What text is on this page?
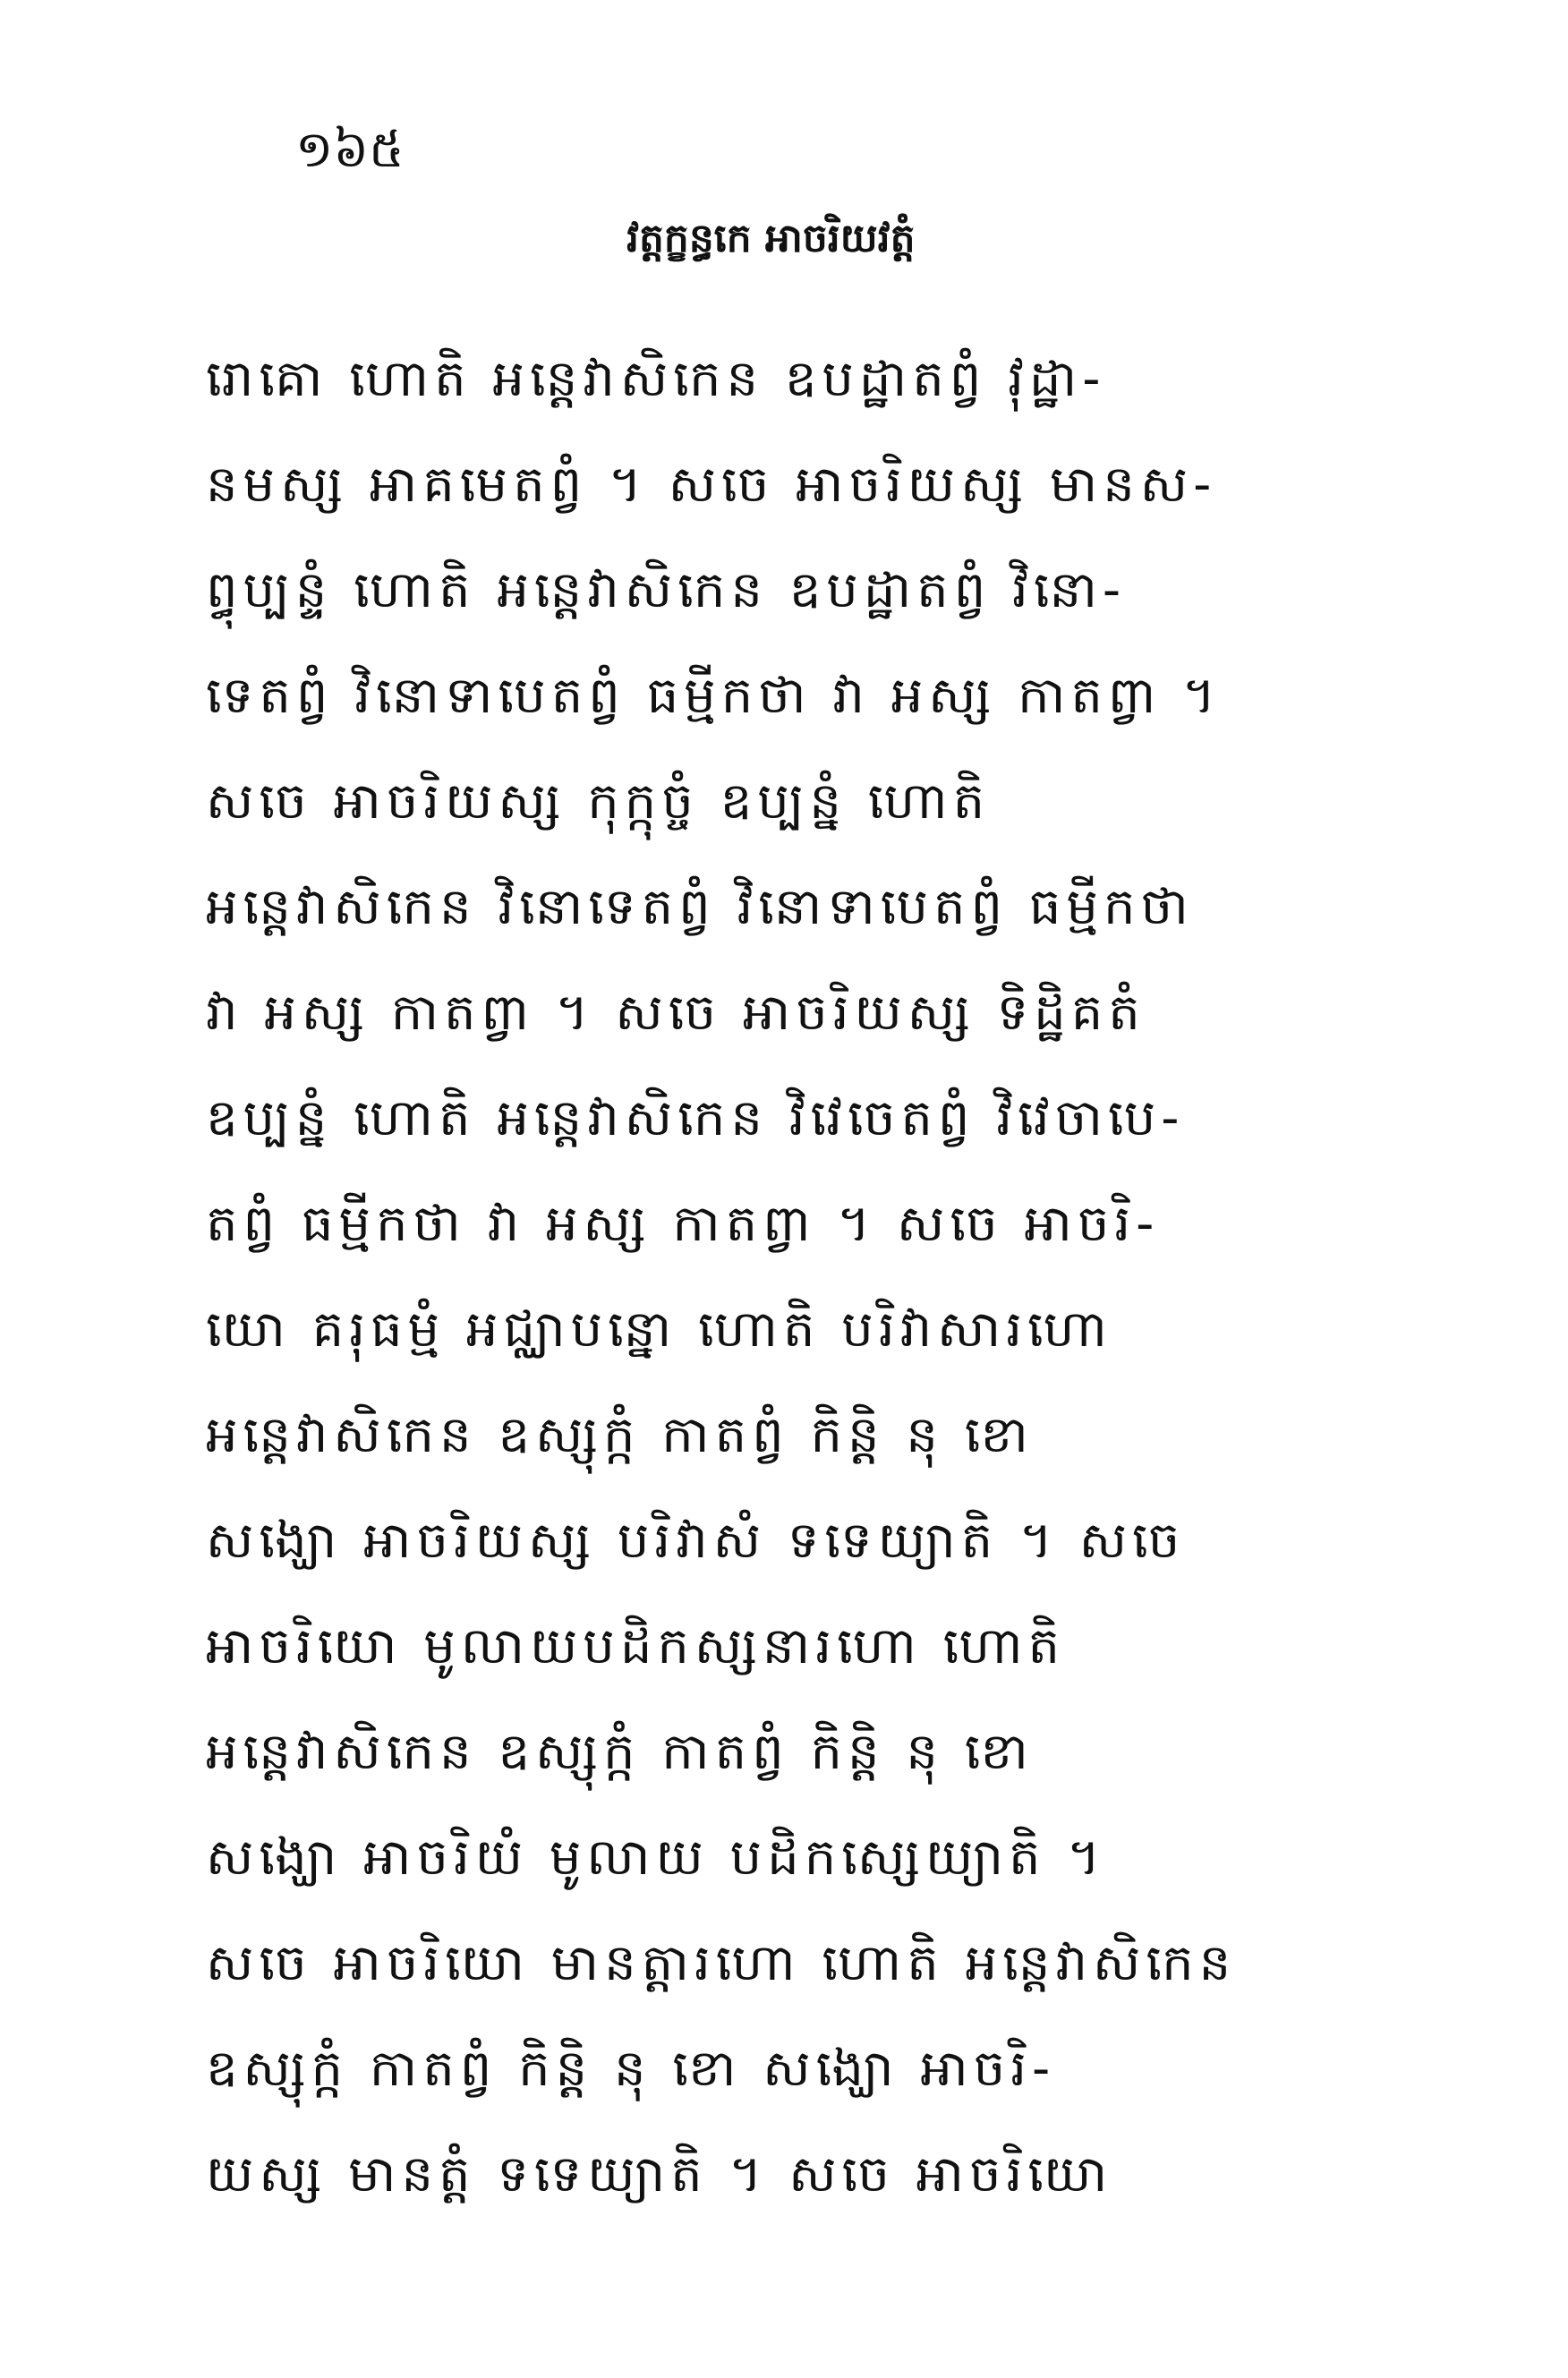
១៦៥
វត្តក្ខន្ធកេ អាចរិយវត្តំ
រោគោ ហោតិ អន្តេវាសិកេន ឧបដ្ឋាតព្វំ វុដ្ឋា-
នមស្ស អាគមេតព្វំ ។ សចេ អាចរិយស្ស មានស-
ព្ធុប្បន្ទំ ហោតិ អន្តេវាសិកេន ឧបដ្ឋាតព្វំ វិនោ-
ទេតព្វំ វិនោទាបេតព្វំ ធម្មីកថា វា អស្ស កាតព្វា ។
សចេ អាចរិយស្ស កុក្កុច្ចំ ឧប្បន្នំ ហោតិ
អន្តេវាសិកេន វិនោទេតព្វំ វិនោទាបេតព្វំ ធម្មីកថា
វា អស្ស កាតព្វា ។ សចេ អាចរិយស្ស ទិដ្ឋិគតំ
ឧប្បន្នំ ហោតិ អន្តេវាសិកេន វិវេចេតព្វំ វិវេចាបេ-
តព្វំ ធម្មីកថា វា អស្ស កាតព្វា ។ សចេ អាចរិ-
យោ គរុធម្មំ អជ្ឈាបន្នោ ហោតិ បរិវាសារហោ
អន្តេវាសិកេន ឧស្សុក្កំ កាតព្វំ កិន្តិ នុ ខោ
សង្ឃោ អាចរិយស្ស បរិវាសំ ទទេយ្យាតិ ។ សចេ
អាចរិយោ មូលាយបដិកស្សនារហោ ហោតិ
អន្តេវាសិកេន ឧស្សុក្កំ កាតព្វំ កិន្តិ នុ ខោ
សង្ឃោ អាចរិយំ មូលាយ បដិកស្សេយ្យាតិ ។
សចេ អាចរិយោ មានត្តារហោ ហោតិ អន្តេវាសិកេន
ឧស្សុក្កំ កាតព្វំ កិន្តិ នុ ខោ សង្ឃោ អាចរិ-
យស្ស មានត្តំ ទទេយ្យាតិ ។ សចេ អាចរិយោ
